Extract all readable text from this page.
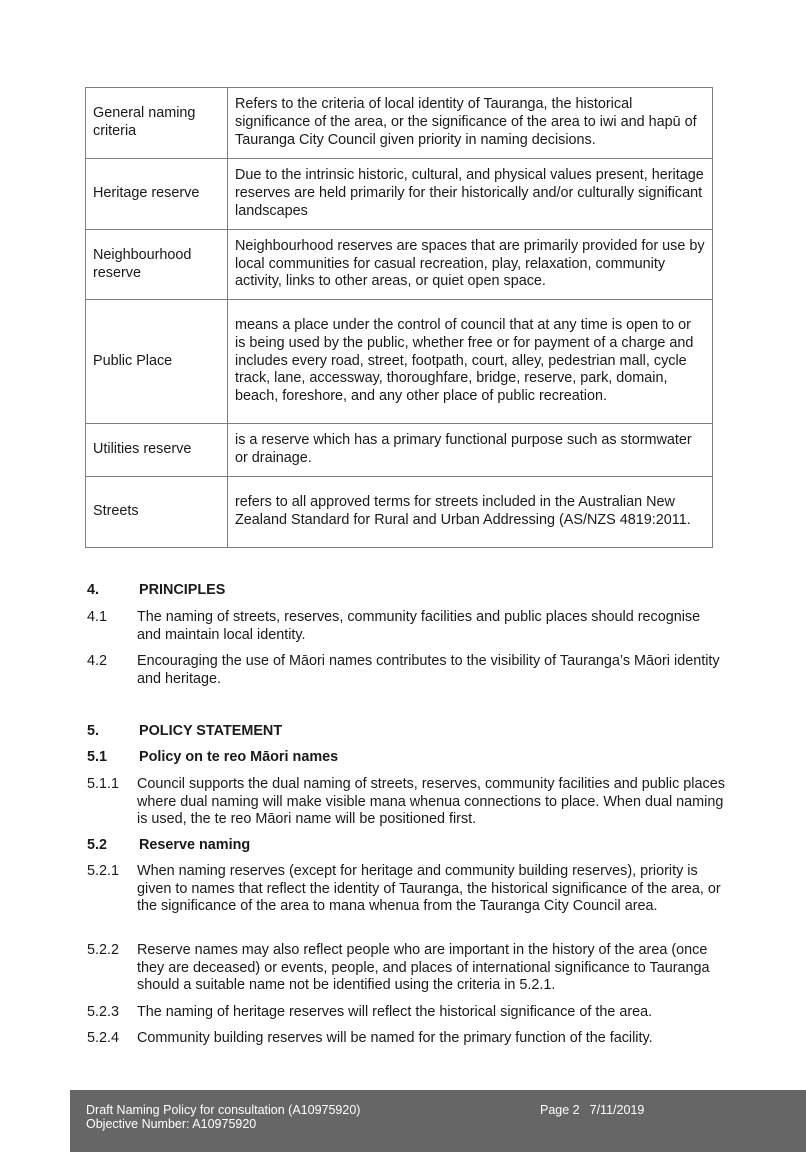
General naming criteria	Refers to the criteria of local identity of Tauranga, the historical significance of the area, or the significance of the area to iwi and hapū of Tauranga City Council given priority in naming decisions.
Heritage reserve	Due to the intrinsic historic, cultural, and physical values present, heritage reserves are held primarily for their historically and/or culturally significant landscapes
Neighbourhood reserve	Neighbourhood reserves are spaces that are primarily provided for use by local communities for casual recreation, play, relaxation, community activity, links to other areas, or quiet open space.
Public Place	means a place under the control of council that at any time is open to or is being used by the public, whether free or for payment of a charge and includes every road, street, footpath, court, alley, pedestrian mall, cycle track, lane, accessway, thoroughfare, bridge, reserve, park, domain, beach, foreshore, and any other place of public recreation.
Utilities reserve	is a reserve which has a primary functional purpose such as stormwater or drainage.
Streets	refers to all approved terms for streets included in the Australian New Zealand Standard for Rural and Urban Addressing (AS/NZS 4819:2011.
4.	PRINCIPLES
4.1 The naming of streets, reserves, community facilities and public places should recognise and maintain local identity.
4.2 Encouraging the use of Māori names contributes to the visibility of Tauranga’s Māori identity and heritage.
5.	POLICY STATEMENT
5.1 Policy on te reo Māori names
5.1.1 Council supports the dual naming of streets, reserves, community facilities and public places where dual naming will make visible mana whenua connections to place. When dual naming is used, the te reo Māori name will be positioned first.
5.2 Reserve naming
5.2.1 When naming reserves (except for heritage and community building reserves), priority is given to names that reflect the identity of Tauranga, the historical significance of the area, or the significance of the area to mana whenua from the Tauranga City Council area.
5.2.2 Reserve names may also reflect people who are important in the history of the area (once they are deceased) or events, people, and places of international significance to Tauranga should a suitable name not be identified using the criteria in 5.2.1.
5.2.3 The naming of heritage reserves will reflect the historical significance of the area.
5.2.4 Community building reserves will be named for the primary function of the facility.
Draft Naming Policy for consultation (A10975920)
Objective Number: A10975920
Page 2 7/11/2019
